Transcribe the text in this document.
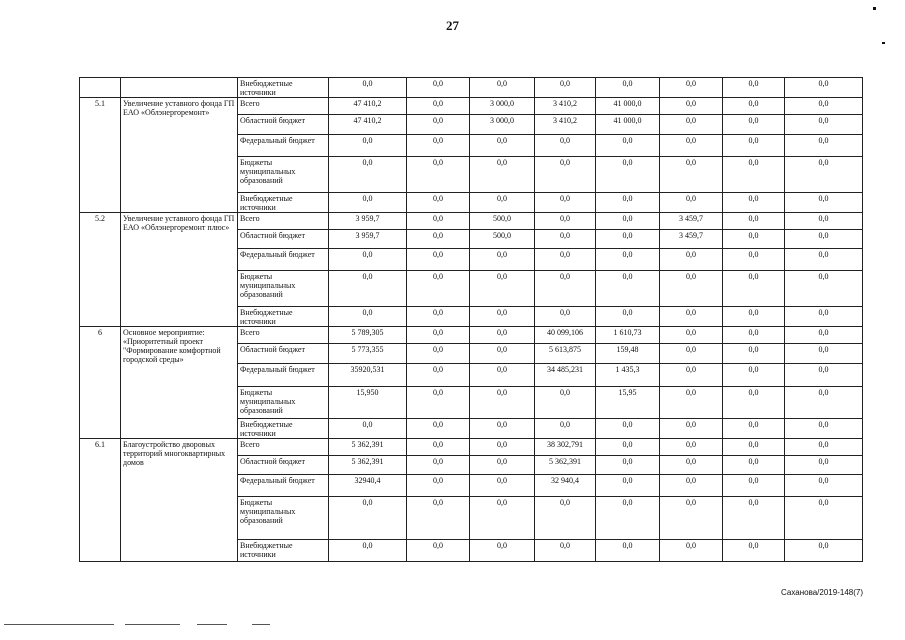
27
		Внебюджетные источники	0,0	0,0	0,0	0,0	0,0	0,0	0,0	0,0
5.1	Увеличение уставного фонда ГП ЕАО «Облэнергоремонт»	Всего	47 410,2	0,0	3 000,0	3 410,2	41 000,0	0,0	0,0	0,0
		Областной бюджет	47 410,2	0,0	3 000,0	3 410,2	41 000,0	0,0	0,0	0,0
		Федеральный бюджет	0,0	0,0	0,0	0,0	0,0	0,0	0,0	0,0
		Бюджеты муниципальных образований	0,0	0,0	0,0	0,0	0,0	0,0	0,0	0,0
		Внебюджетные источники	0,0	0,0	0,0	0,0	0,0	0,0	0,0	0,0
5.2	Увеличение уставного фонда ГП ЕАО «Облэнергоремонт плюс»	Всего	3 959,7	0,0	500,0	0,0	0,0	3 459,7	0,0	0,0
		Областной бюджет	3 959,7	0,0	500,0	0,0	0,0	3 459,7	0,0	0,0
		Федеральный бюджет	0,0	0,0	0,0	0,0	0,0	0,0	0,0	0,0
		Бюджеты муниципальных образований	0,0	0,0	0,0	0,0	0,0	0,0	0,0	0,0
		Внебюджетные источники	0,0	0,0	0,0	0,0	0,0	0,0	0,0	0,0
6	Основное мероприятие: «Приоритетный проект "Формирование комфортной городской среды»	Всего	5 789,305	0,0	0,0	40 099,106	1 610,73	0,0	0,0	0,0
		Областной бюджет	5 773,355	0,0	0,0	5 613,875	159,48	0,0	0,0	0,0
		Федеральный бюджет	35920,531	0,0	0,0	34 485,231	1 435,3	0,0	0,0	0,0
		Бюджеты муниципальных образований	15,950	0,0	0,0	0,0	15,95	0,0	0,0	0,0
		Внебюджетные источники	0,0	0,0	0,0	0,0	0,0	0,0	0,0	0,0
6.1	Благоустройство дворовых территорий многоквартирных домов	Всего	5 362,391	0,0	0,0	38 302,791	0,0	0,0	0,0	0,0
		Областной бюджет	5 362,391	0,0	0,0	5 362,391	0,0	0,0	0,0	0,0
		Федеральный бюджет	32940,4	0,0	0,0	32 940,4	0,0	0,0	0,0	0,0
		Бюджеты муниципальных образований	0,0	0,0	0,0	0,0	0,0	0,0	0,0	0,0
		Внебюджетные источники	0,0	0,0	0,0	0,0	0,0	0,0	0,0	0,0
Саханова/2019-148(7)
